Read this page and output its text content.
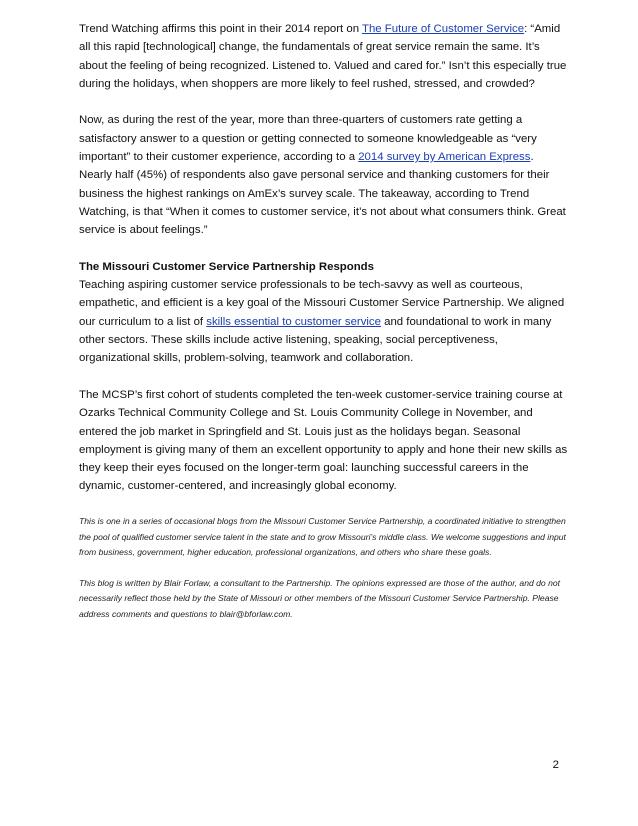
Trend Watching affirms this point in their 2014 report on The Future of Customer Service: “Amid all this rapid [technological] change, the fundamentals of great service remain the same. It’s about the feeling of being recognized. Listened to. Valued and cared for.” Isn’t this especially true during the holidays, when shoppers are more likely to feel rushed, stressed, and crowded?

Now, as during the rest of the year, more than three-quarters of customers rate getting a satisfactory answer to a question or getting connected to someone knowledgeable as “very important” to their customer experience, according to a 2014 survey by American Express. Nearly half (45%) of respondents also gave personal service and thanking customers for their business the highest rankings on AmEx’s survey scale. The takeaway, according to Trend Watching, is that “When it comes to customer service, it’s not about what consumers think. Great service is about feelings.”

The Missouri Customer Service Partnership Responds

Teaching aspiring customer service professionals to be tech-savvy as well as courteous, empathetic, and efficient is a key goal of the Missouri Customer Service Partnership. We aligned our curriculum to a list of skills essential to customer service and foundational to work in many other sectors. These skills include active listening, speaking, social perceptiveness, organizational skills, problem-solving, teamwork and collaboration.

The MCSP’s first cohort of students completed the ten-week customer-service training course at Ozarks Technical Community College and St. Louis Community College in November, and entered the job market in Springfield and St. Louis just as the holidays began. Seasonal employment is giving many of them an excellent opportunity to apply and hone their new skills as they keep their eyes focused on the longer-term goal: launching successful careers in the dynamic, customer-centered, and increasingly global economy.

This is one in a series of occasional blogs from the Missouri Customer Service Partnership, a coordinated initiative to strengthen the pool of qualified customer service talent in the state and to grow Missouri’s middle class. We welcome suggestions and input from business, government, higher education, professional organizations, and others who share these goals.

This blog is written by Blair Forlaw, a consultant to the Partnership. The opinions expressed are those of the author, and do not necessarily reflect those held by the State of Missouri or other members of the Missouri Customer Service Partnership. Please address comments and questions to blair@bforlaw.com.

2
